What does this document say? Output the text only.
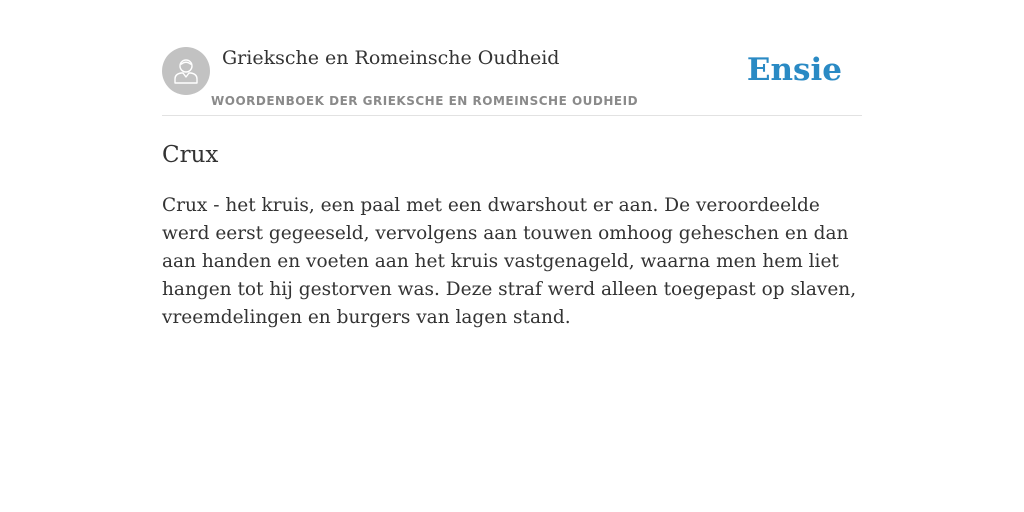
Grieksche en Romeinsche Oudheid
WOORDENBOEK DER GRIEKSCHE EN ROMEINSCHE OUDHEID
Ensie
Crux

Crux - het kruis, een paal met een dwarshout er aan. De veroordeelde werd eerst gegeeseld, vervolgens aan touwen omhoog geheschen en dan aan handen en voeten aan het kruis vastgenageld, waarna men hem liet hangen tot hij gestorven was. Deze straf werd alleen toegepast op slaven, vreemdelingen en burgers van lagen stand.
